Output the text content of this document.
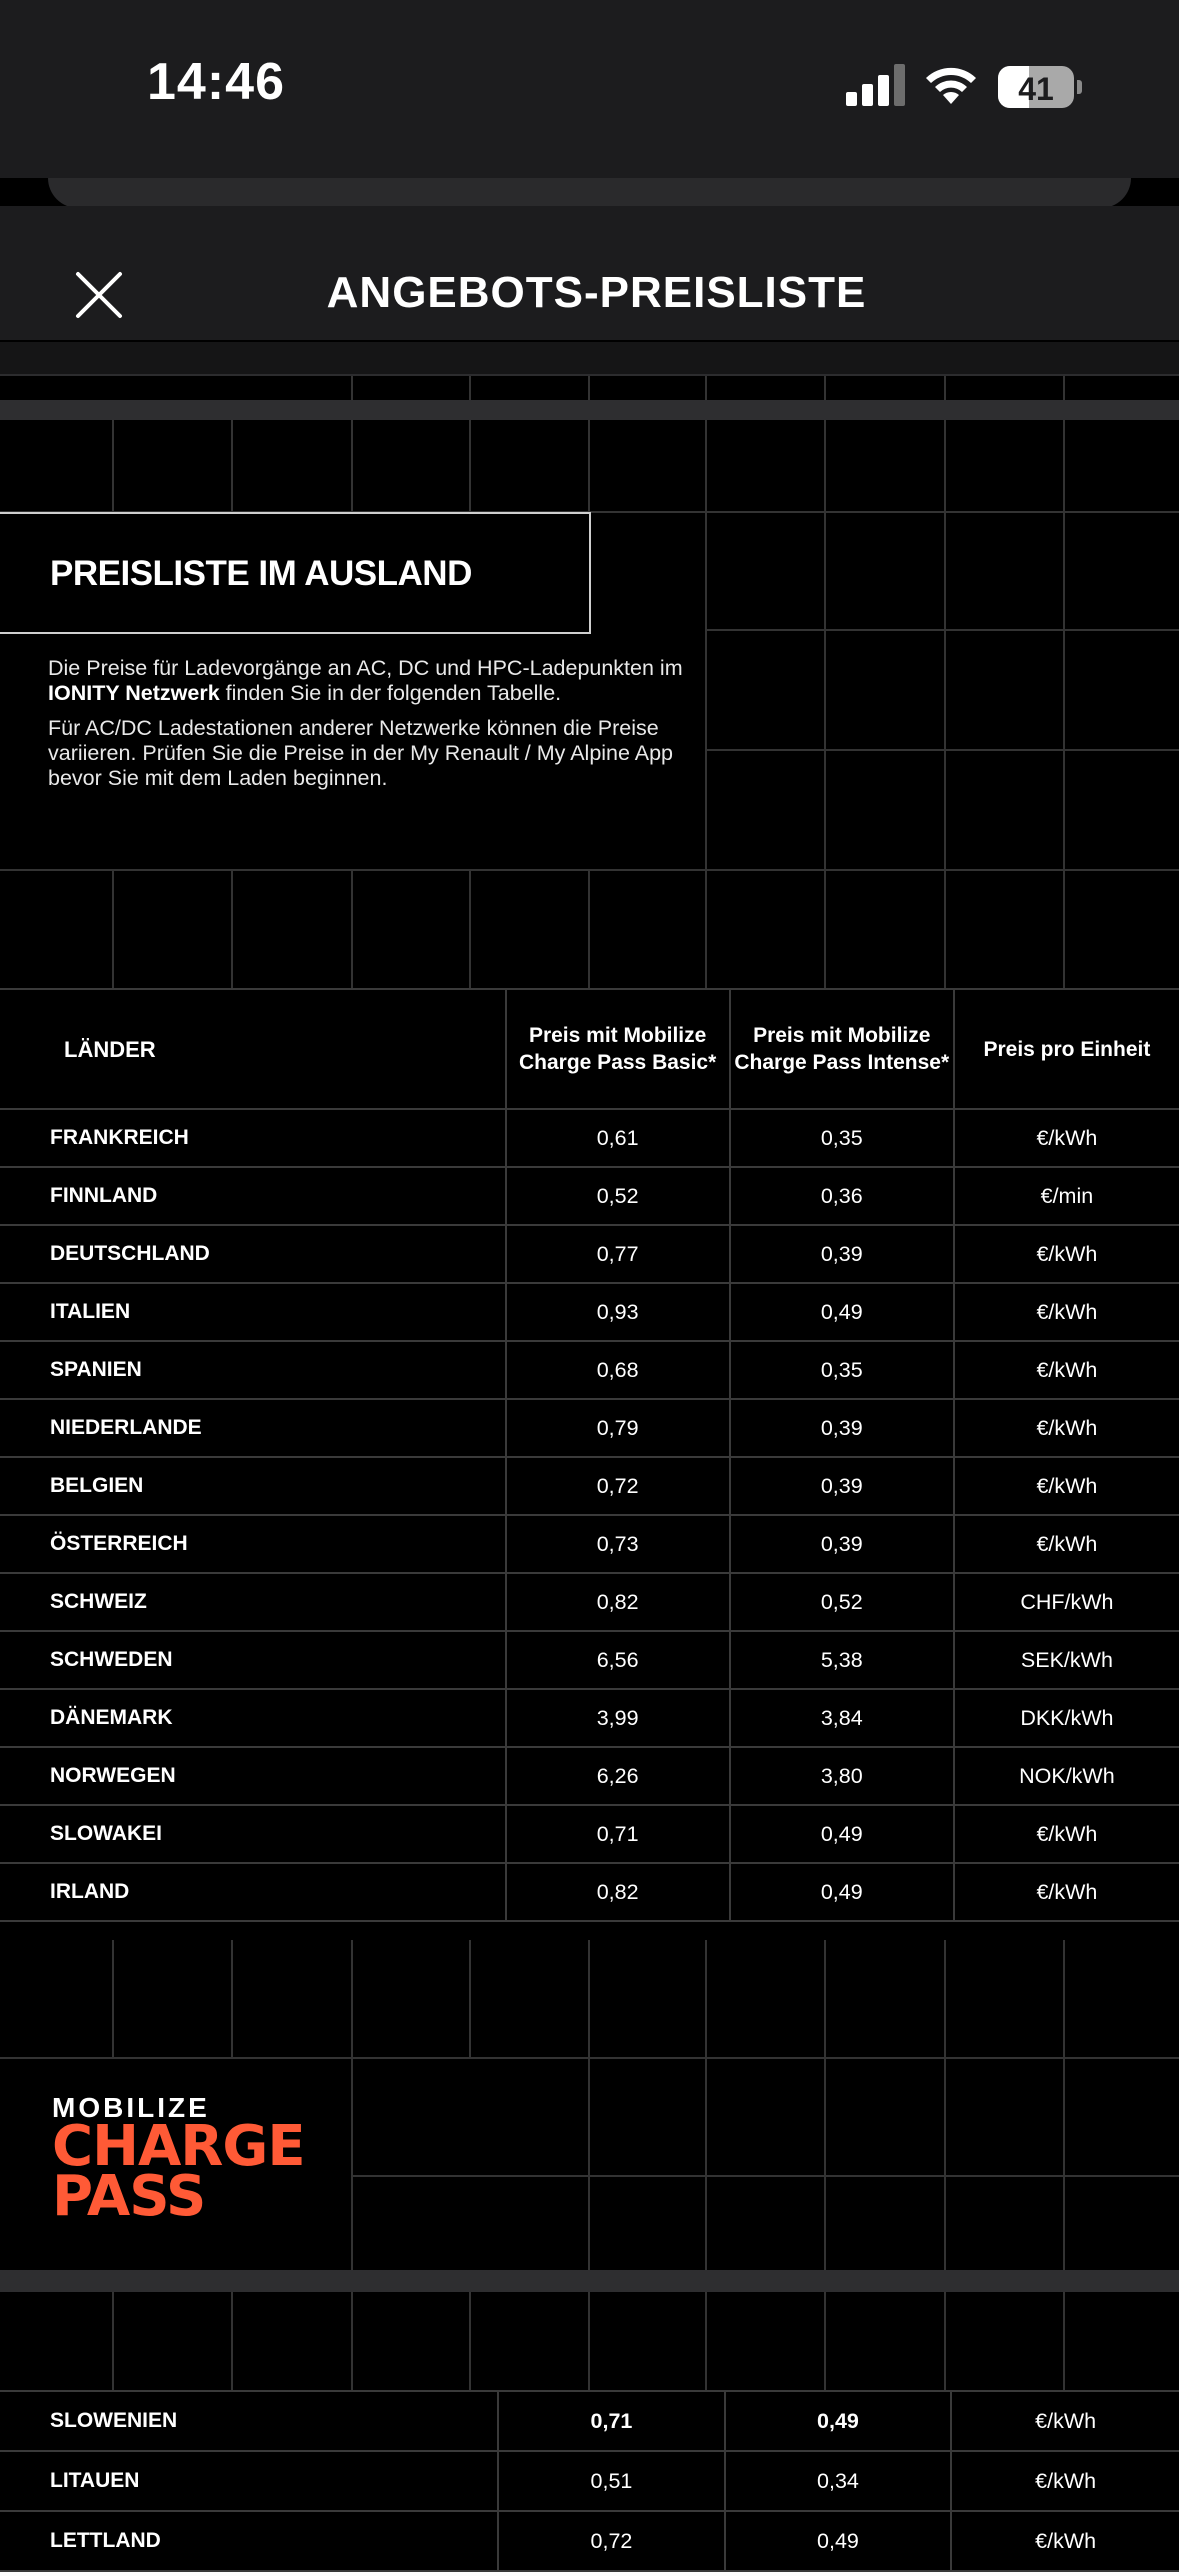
14:46	41
ANGEBOTS-PREISLISTE
PREISLISTE IM AUSLAND

Die Preise für Ladevorgänge an AC, DC und HPC-Ladepunkten im IONITY Netzwerk finden Sie in der folgenden Tabelle.

Für AC/DC Ladestationen anderer Netzwerke können die Preise variieren. Prüfen Sie die Preise in der My Renault / My Alpine App bevor Sie mit dem Laden beginnen.

LÄNDER	Preis mit Mobilize Charge Pass Basic*	Preis mit Mobilize Charge Pass Intense*	Preis pro Einheit
FRANKREICH	0,61	0,35	€/kWh
FINNLAND	0,52	0,36	€/min
DEUTSCHLAND	0,77	0,39	€/kWh
ITALIEN	0,93	0,49	€/kWh
SPANIEN	0,68	0,35	€/kWh
NIEDERLANDE	0,79	0,39	€/kWh
BELGIEN	0,72	0,39	€/kWh
ÖSTERREICH	0,73	0,39	€/kWh
SCHWEIZ	0,82	0,52	CHF/kWh
SCHWEDEN	6,56	5,38	SEK/kWh
DÄNEMARK	3,99	3,84	DKK/kWh
NORWEGEN	6,26	3,80	NOK/kWh
SLOWAKEI	0,71	0,49	€/kWh
IRLAND	0,82	0,49	€/kWh
MOBILIZE
CHARGE
PASS
SLOWENIEN	0,71	0,49	€/kWh
LITAUEN	0,51	0,34	€/kWh
LETTLAND	0,72	0,49	€/kWh
